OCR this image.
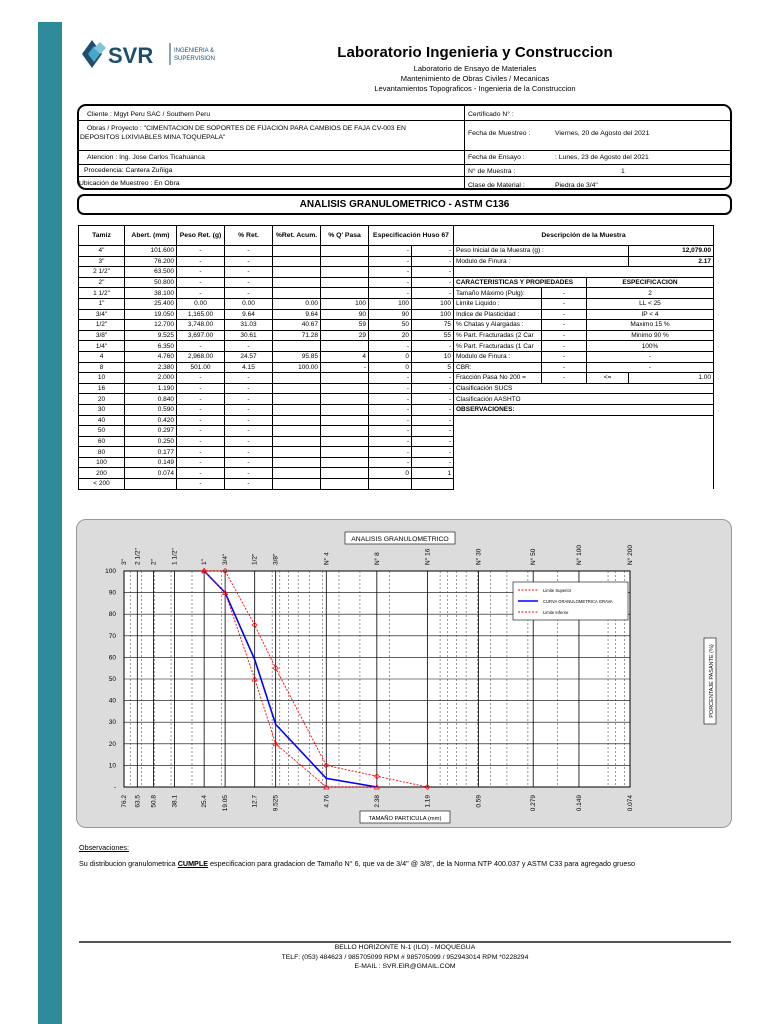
SVR	INGENIERIA &
SUPERVISION	Laboratorio Ingenieria y Construccion
Laboratorio de Ensayo de Materiales
Mantenimiento de Obras Civiles / Mecanicas
Levantamientos Topograficos - Ingenieria de la Construccion
Cliente : Mgyt Peru SAC / Southern Peru
Obras / Proyecto : "CIMENTACION DE SOPORTES DE FIJACION PARA CAMBIOS DE FAJA CV-003 EN
DEPOSITOS LIXIVIABLES MINA TOQUEPALA"
Atencion : Ing. Jose Carlos Ticahuanca
Procedencia: Cantera Zuñiga
Ubicación de Muestreo : En Obra
Certificado N° :
Fecha de Muestreo :	Viernes, 20 de Agosto del 2021
Fecha de Ensayo :	: Lunes, 23 de Agosto del 2021
N° de Muestra :	1
Clase de Material :	Piedra de 3/4"
ANALISIS GRANULOMETRICO - ASTM C136
Tamiz	Abert. (mm)	Peso Ret. (g)	% Ret.	%Ret. Acum.	% Q' Pasa	Especificación Huso 67		Descripción de la Muestra			
4"	101.600	-	-			-	-	Peso Inicial de la Muestra (g) :			12,079.00
3"	76.200	-	-			-	-	Modulo de Finura :			2.17
2 1/2"	63.500	-	-			-	-				
2"	50.800	-	-			-	-	CARACTERISTICAS Y PROPIEDADES		ESPECIFICACION	
1 1/2"	38.100	-	-			-	-	Tamaño Máximo (Pulg):	-	2	
1"	25.400	0.00	0.00	0.00	100	100	100	Limite Liquido :	-	LL < 25	
3/4"	19.050	1,165.00	9.64	9.64	90	90	100	Indice de Plasticidad :	-	IP < 4	
1/2"	12.700	3,748.00	31.03	40.67	59	50	75	% Chatas y Alargadas :	-	Maximo 15 %	
3/8"	9.525	3,697.00	30.61	71.28	29	20	55	% Part. Fracturadas (2 Car	-	Minimo 90 %	
1/4"	6.350	-	-			-	-	% Part. Fracturadas (1 Car	-	100%	
4	4.760	2,968.00	24.57	95.85	4	0	10	Modulo de Finura :	-	-	
8	2.380	501.00	4.15	100.00	-	0	5	CBR:	-	-	
10	2.000	-	-			-	-	Fracción Pasa No 200 =	-	<=	1.00
16	1.190	-	-			-	-	Clasificación SUCS			
20	0.840	-	-			-	-	Clasificación AASHTO			
30	0.590	-	-			-	-	OBSERVACIONES:			
40	0.420	-	-			-	-				
50	0.297	-	-			-	-				
60	0.250	-	-			-	-				
80	0.177	-	-			-	-				
100	0.149	-	-			-	-				
200	0.074	-	-			0	1				
< 200		-	-								
100
90
80
70
60
50
40
30
20
10
-
76.2
3"
63.5
2 1/2"
50.8
2"
38.1
1 1/2"
25.4
1"
19.05
3/4"
12.7
1/2"
9.525
3/8"
4.76
N° 4
2.38
N° 8
1.19
N° 16
0.59
N° 30
0.279
N° 50
0.149
N° 100
0.074
N° 200
ANALISIS GRANULOMETRICO
TAMAÑO PARTICULA (mm)
PORCENTAJE PASANTE (%)
Limite Superior
CURVA GRANULOMETRICA GRAVA
Limite Inferior
Observaciones:
Su distribucion granulometrica CUMPLE especificacion para gradacion de Tamaño N° 6, que va de 3/4" @ 3/8", de la Norma NTP 400.037 y ASTM C33 para agregado grueso
BELLO HORIZONTE N-1 (ILO) - MOQUEGUA
TELF: (053) 484623 / 985705099 RPM # 985705099 / 952943014 RPM *0228294
E-MAIL : SVR.EIR@GMAIL.COM
